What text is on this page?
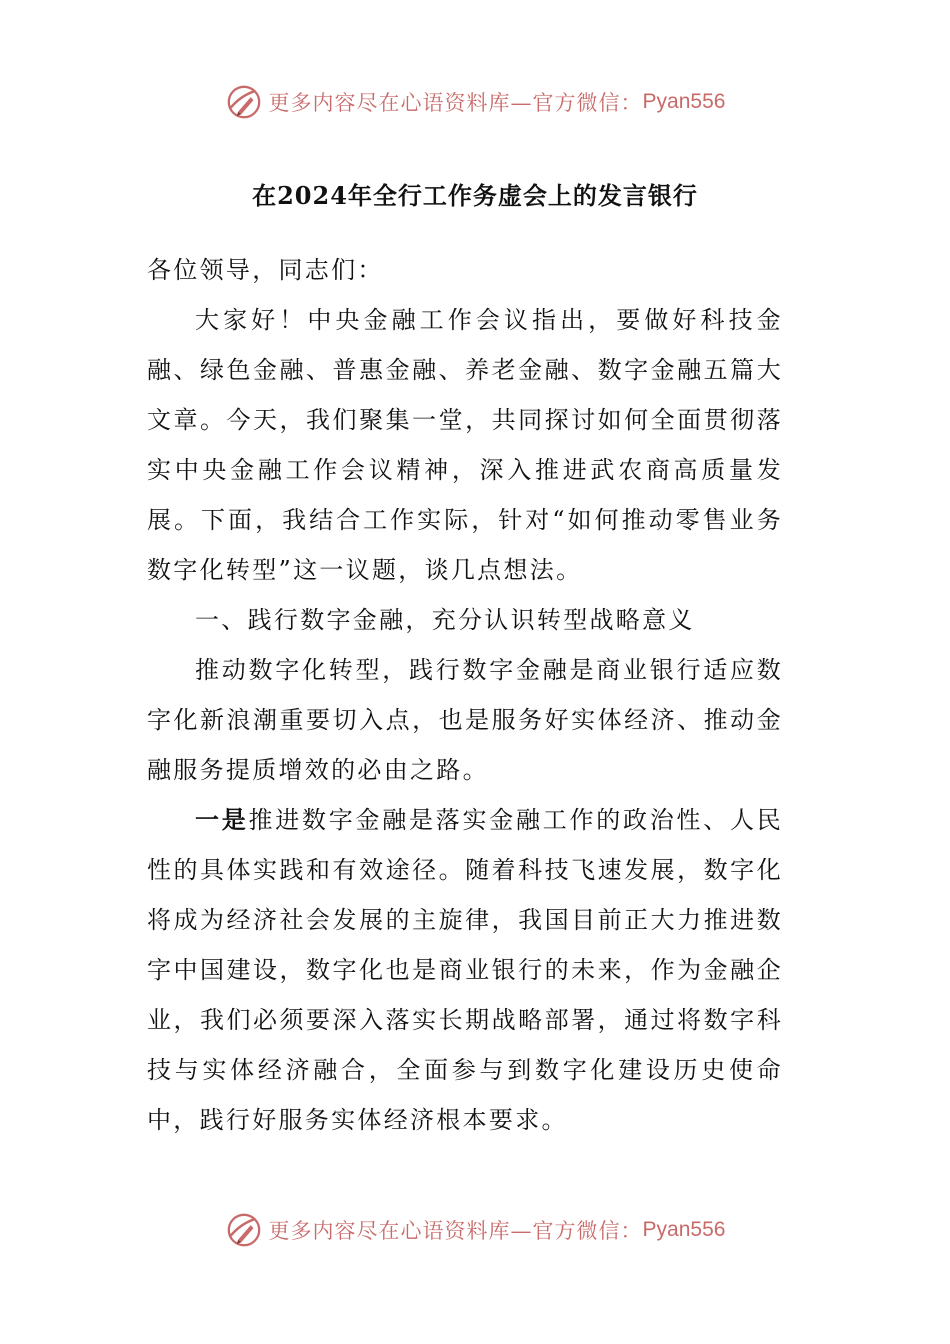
更多内容尽在心语资料库—官方微信： Pyan556
在2024年全行工作务虚会上的发言银行

各位领导，同志们：

大家好！中央金融工作会议指出，要做好科技金融、绿色金融、普惠金融、养老金融、数字金融五篇大文章。今天，我们聚集一堂，共同探讨如何全面贯彻落实中央金融工作会议精神，深入推进武农商高质量发展。下面，我结合工作实际，针对“如何推动零售业务数字化转型”这一议题，谈几点想法。

一、践行数字金融，充分认识转型战略意义

推动数字化转型，践行数字金融是商业银行适应数字化新浪潮重要切入点，也是服务好实体经济、推动金融服务提质增效的必由之路。

一是推进数字金融是落实金融工作的政治性、人民性的具体实践和有效途径。随着科技飞速发展，数字化将成为经济社会发展的主旋律，我国目前正大力推进数字中国建设，数字化也是商业银行的未来，作为金融企业，我们必须要深入落实长期战略部署，通过将数字科技与实体经济融合，全面参与到数字化建设历史使命中，践行好服务实体经济根本要求。

更多内容尽在心语资料库—官方微信： Pyan556
